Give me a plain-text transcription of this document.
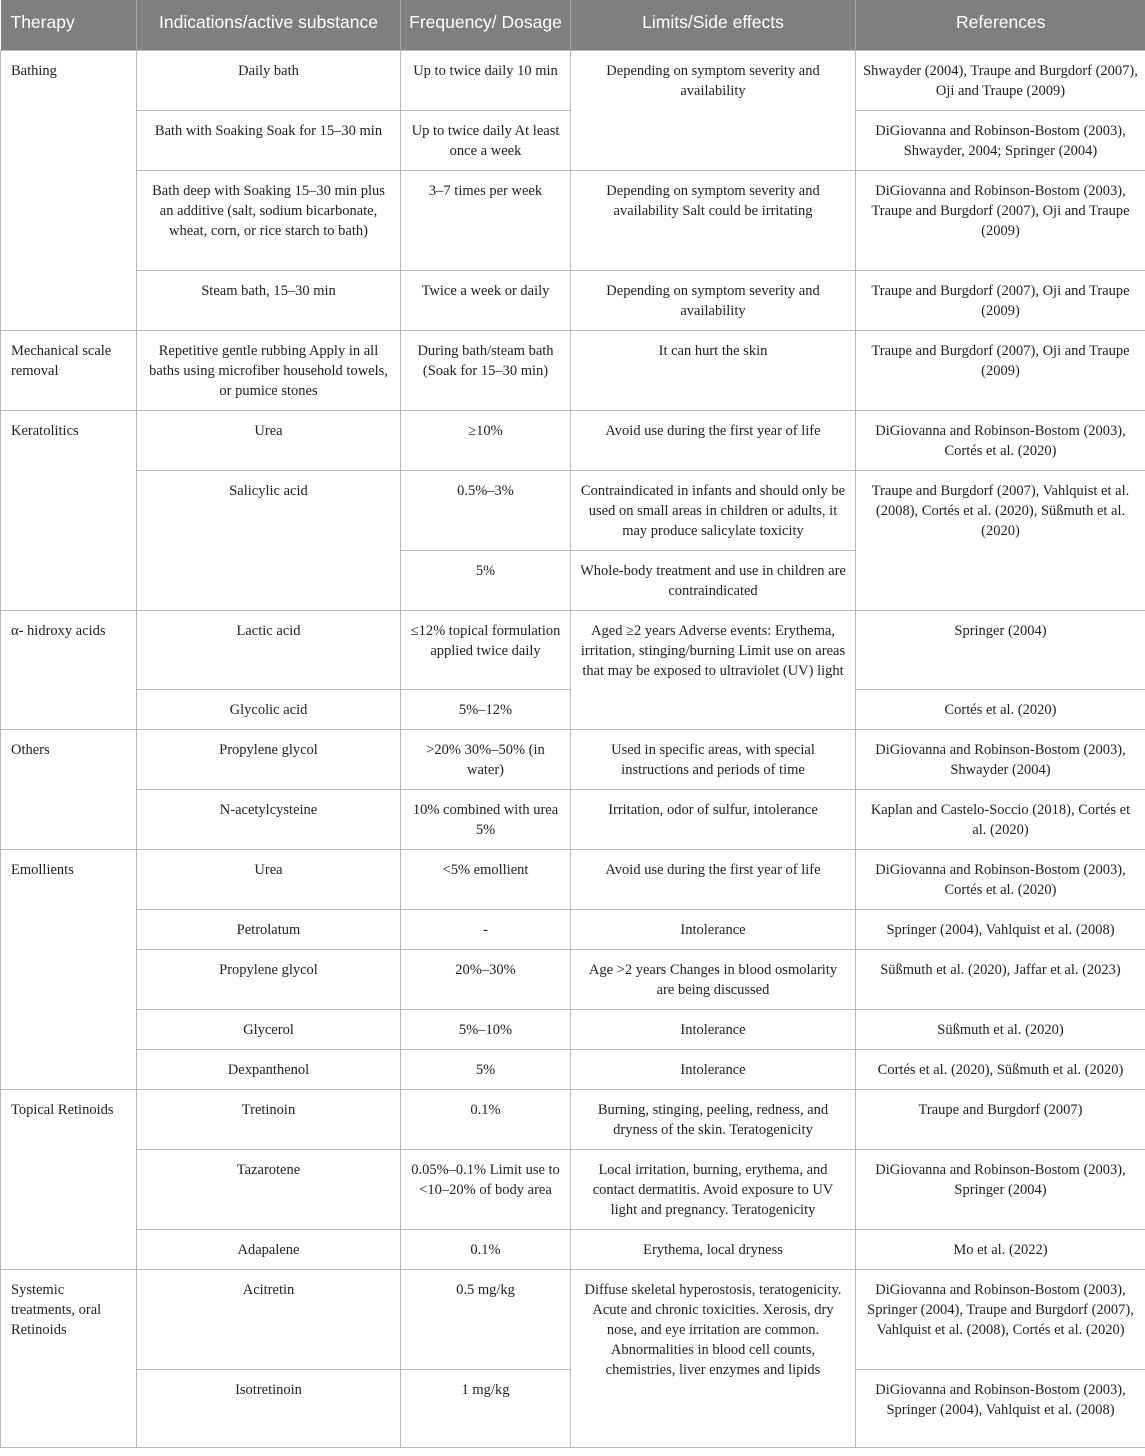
Therapy	Indications/active substance	Frequency/ Dosage	Limits/Side effects	References
Bathing	Daily bath	Up to twice daily 10 min	Depending on symptom severity and availability	Shwayder (2004), Traupe and Burgdorf (2007), Oji and Traupe (2009)
	Bath with Soaking Soak for 15–30 min	Up to twice daily At least once a week		DiGiovanna and Robinson-Bostom (2003), Shwayder, 2004; Springer (2004)
	Bath deep with Soaking 15–30 min plus an additive (salt, sodium bicarbonate, wheat, corn, or rice starch to bath)	3–7 times per week	Depending on symptom severity and availability Salt could be irritating	DiGiovanna and Robinson-Bostom (2003), Traupe and Burgdorf (2007), Oji and Traupe (2009)
	Steam bath, 15–30 min	Twice a week or daily	Depending on symptom severity and availability	Traupe and Burgdorf (2007), Oji and Traupe (2009)
Mechanical scale removal	Repetitive gentle rubbing Apply in all baths using microfiber household towels, or pumice stones	During bath/steam bath (Soak for 15–30 min)	It can hurt the skin	Traupe and Burgdorf (2007), Oji and Traupe (2009)
Keratolitics	Urea	≥10%	Avoid use during the first year of life	DiGiovanna and Robinson-Bostom (2003), Cortés et al. (2020)
	Salicylic acid	0.5%–3%	Contraindicated in infants and should only be used on small areas in children or adults, it may produce salicylate toxicity	Traupe and Burgdorf (2007), Vahlquist et al. (2008), Cortés et al. (2020), Süßmuth et al. (2020)
		5%	Whole-body treatment and use in children are contraindicated	
α- hidroxy acids	Lactic acid	≤12% topical formulation applied twice daily	Aged ≥2 years Adverse events: Erythema, irritation, stinging/burning Limit use on areas that may be exposed to ultraviolet (UV) light	Springer (2004)
	Glycolic acid	5%–12%		Cortés et al. (2020)
Others	Propylene glycol	>20% 30%–50% (in water)	Used in specific areas, with special instructions and periods of time	DiGiovanna and Robinson-Bostom (2003), Shwayder (2004)
	N-acetylcysteine	10% combined with urea 5%	Irritation, odor of sulfur, intolerance	Kaplan and Castelo-Soccio (2018), Cortés et al. (2020)
Emollients	Urea	<5% emollient	Avoid use during the first year of life	DiGiovanna and Robinson-Bostom (2003), Cortés et al. (2020)
	Petrolatum	-	Intolerance	Springer (2004), Vahlquist et al. (2008)
	Propylene glycol	20%–30%	Age >2 years Changes in blood osmolarity are being discussed	Süßmuth et al. (2020), Jaffar et al. (2023)
	Glycerol	5%–10%	Intolerance	Süßmuth et al. (2020)
	Dexpanthenol	5%	Intolerance	Cortés et al. (2020), Süßmuth et al. (2020)
Topical Retinoids	Tretinoin	0.1%	Burning, stinging, peeling, redness, and dryness of the skin. Teratogenicity	Traupe and Burgdorf (2007)
	Tazarotene	0.05%–0.1% Limit use to <10–20% of body area	Local irritation, burning, erythema, and contact dermatitis. Avoid exposure to UV light and pregnancy. Teratogenicity	DiGiovanna and Robinson-Bostom (2003), Springer (2004)
	Adapalene	0.1%	Erythema, local dryness	Mo et al. (2022)
Systemic treatments, oral Retinoids	Acitretin	0.5 mg/kg	Diffuse skeletal hyperostosis, teratogenicity. Acute and chronic toxicities. Xerosis, dry nose, and eye irritation are common. Abnormalities in blood cell counts, chemistries, liver enzymes and lipids	DiGiovanna and Robinson-Bostom (2003), Springer (2004), Traupe and Burgdorf (2007), Vahlquist et al. (2008), Cortés et al. (2020)
	Isotretinoin	1 mg/kg		DiGiovanna and Robinson-Bostom (2003), Springer (2004), Vahlquist et al. (2008)
